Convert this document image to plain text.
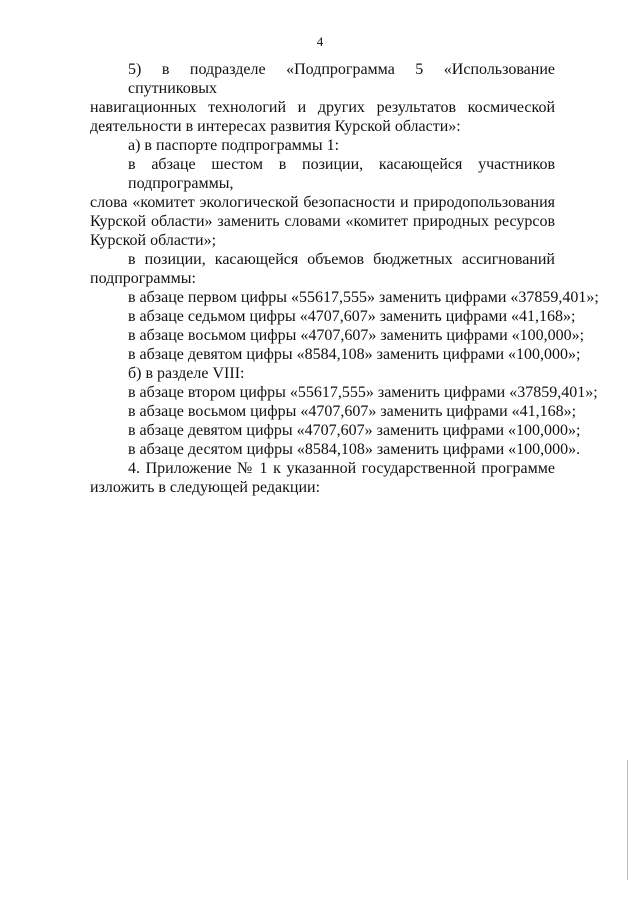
4
5) в подразделе «Подпрограмма 5 «Использование спутниковых
навигационных технологий и других результатов космической
деятельности в интересах развития Курской области»:
а) в паспорте подпрограммы 1:
в абзаце шестом в позиции, касающейся участников подпрограммы,
слова «комитет экологической безопасности и природопользования
Курской области» заменить словами «комитет природных ресурсов
Курской области»;
в позиции, касающейся объемов бюджетных ассигнований
подпрограммы:
в абзаце первом цифры «55617,555» заменить цифрами «37859,401»;
в абзаце седьмом цифры «4707,607» заменить цифрами «41,168»;
в абзаце восьмом цифры «4707,607» заменить цифрами «100,000»;
в абзаце девятом цифры «8584,108» заменить цифрами «100,000»;
б) в разделе VIII:
в абзаце втором цифры «55617,555» заменить цифрами «37859,401»;
в абзаце восьмом цифры «4707,607» заменить цифрами «41,168»;
в абзаце девятом цифры «4707,607» заменить цифрами «100,000»;
в абзаце десятом цифры «8584,108» заменить цифрами «100,000».
4. Приложение № 1 к указанной государственной программе
изложить в следующей редакции:
